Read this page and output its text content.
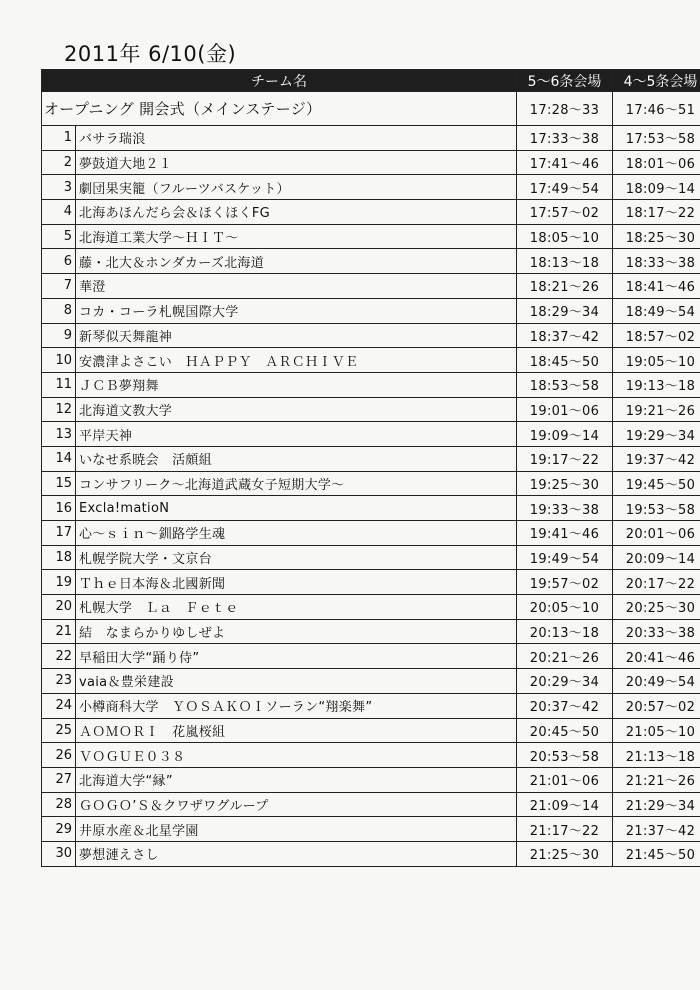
2011年 6/10(金)
チーム名		5〜6条会場	4〜5条会場
オープニング 開会式（メインステージ）		17:28〜33	17:46〜51
1	バサラ瑞浪	17:33〜38	17:53〜58
2	夢鼓道大地２１	17:41〜46	18:01〜06
3	劇団果実籠（フルーツバスケット）	17:49〜54	18:09〜14
4	北海あほんだら会＆ほくほくFG	17:57〜02	18:17〜22
5	北海道工業大学〜ＨＩＴ〜	18:05〜10	18:25〜30
6	藤・北大＆ホンダカーズ北海道	18:13〜18	18:33〜38
7	華澄	18:21〜26	18:41〜46
8	コカ・コーラ札幌国際大学	18:29〜34	18:49〜54
9	新琴似天舞龍神	18:37〜42	18:57〜02
10	安濃津よさこい　ＨＡＰＰＹ　ＡＲＣＨＩＶＥ	18:45〜50	19:05〜10
11	ＪＣＢ夢翔舞	18:53〜58	19:13〜18
12	北海道文教大学	19:01〜06	19:21〜26
13	平岸天神	19:09〜14	19:29〜34
14	いなせ系暁会　活頗組	19:17〜22	19:37〜42
15	コンサフリーク〜北海道武蔵女子短期大学〜	19:25〜30	19:45〜50
16	Excla!matioN	19:33〜38	19:53〜58
17	心〜ｓｉｎ〜釧路学生魂	19:41〜46	20:01〜06
18	札幌学院大学・文京台	19:49〜54	20:09〜14
19	Ｔｈｅ日本海＆北國新聞	19:57〜02	20:17〜22
20	札幌大学　Ｌａ　Ｆｅｔｅ	20:05〜10	20:25〜30
21	結　なまらかりゆしぜよ	20:13〜18	20:33〜38
22	早稲田大学“踊り侍”	20:21〜26	20:41〜46
23	vaia＆豊栄建設	20:29〜34	20:49〜54
24	小樽商科大学　ＹＯＳＡＫＯＩソーラン“翔楽舞”	20:37〜42	20:57〜02
25	ＡＯＭＯＲＩ　花嵐桜組	20:45〜50	21:05〜10
26	ＶＯＧＵＥ０３８	20:53〜58	21:13〜18
27	北海道大学“縁”	21:01〜06	21:21〜26
28	ＧＯＧＯ’Ｓ＆クワザワグループ	21:09〜14	21:29〜34
29	井原水産＆北星学園	21:17〜22	21:37〜42
30	夢想漣えさし	21:25〜30	21:45〜50
